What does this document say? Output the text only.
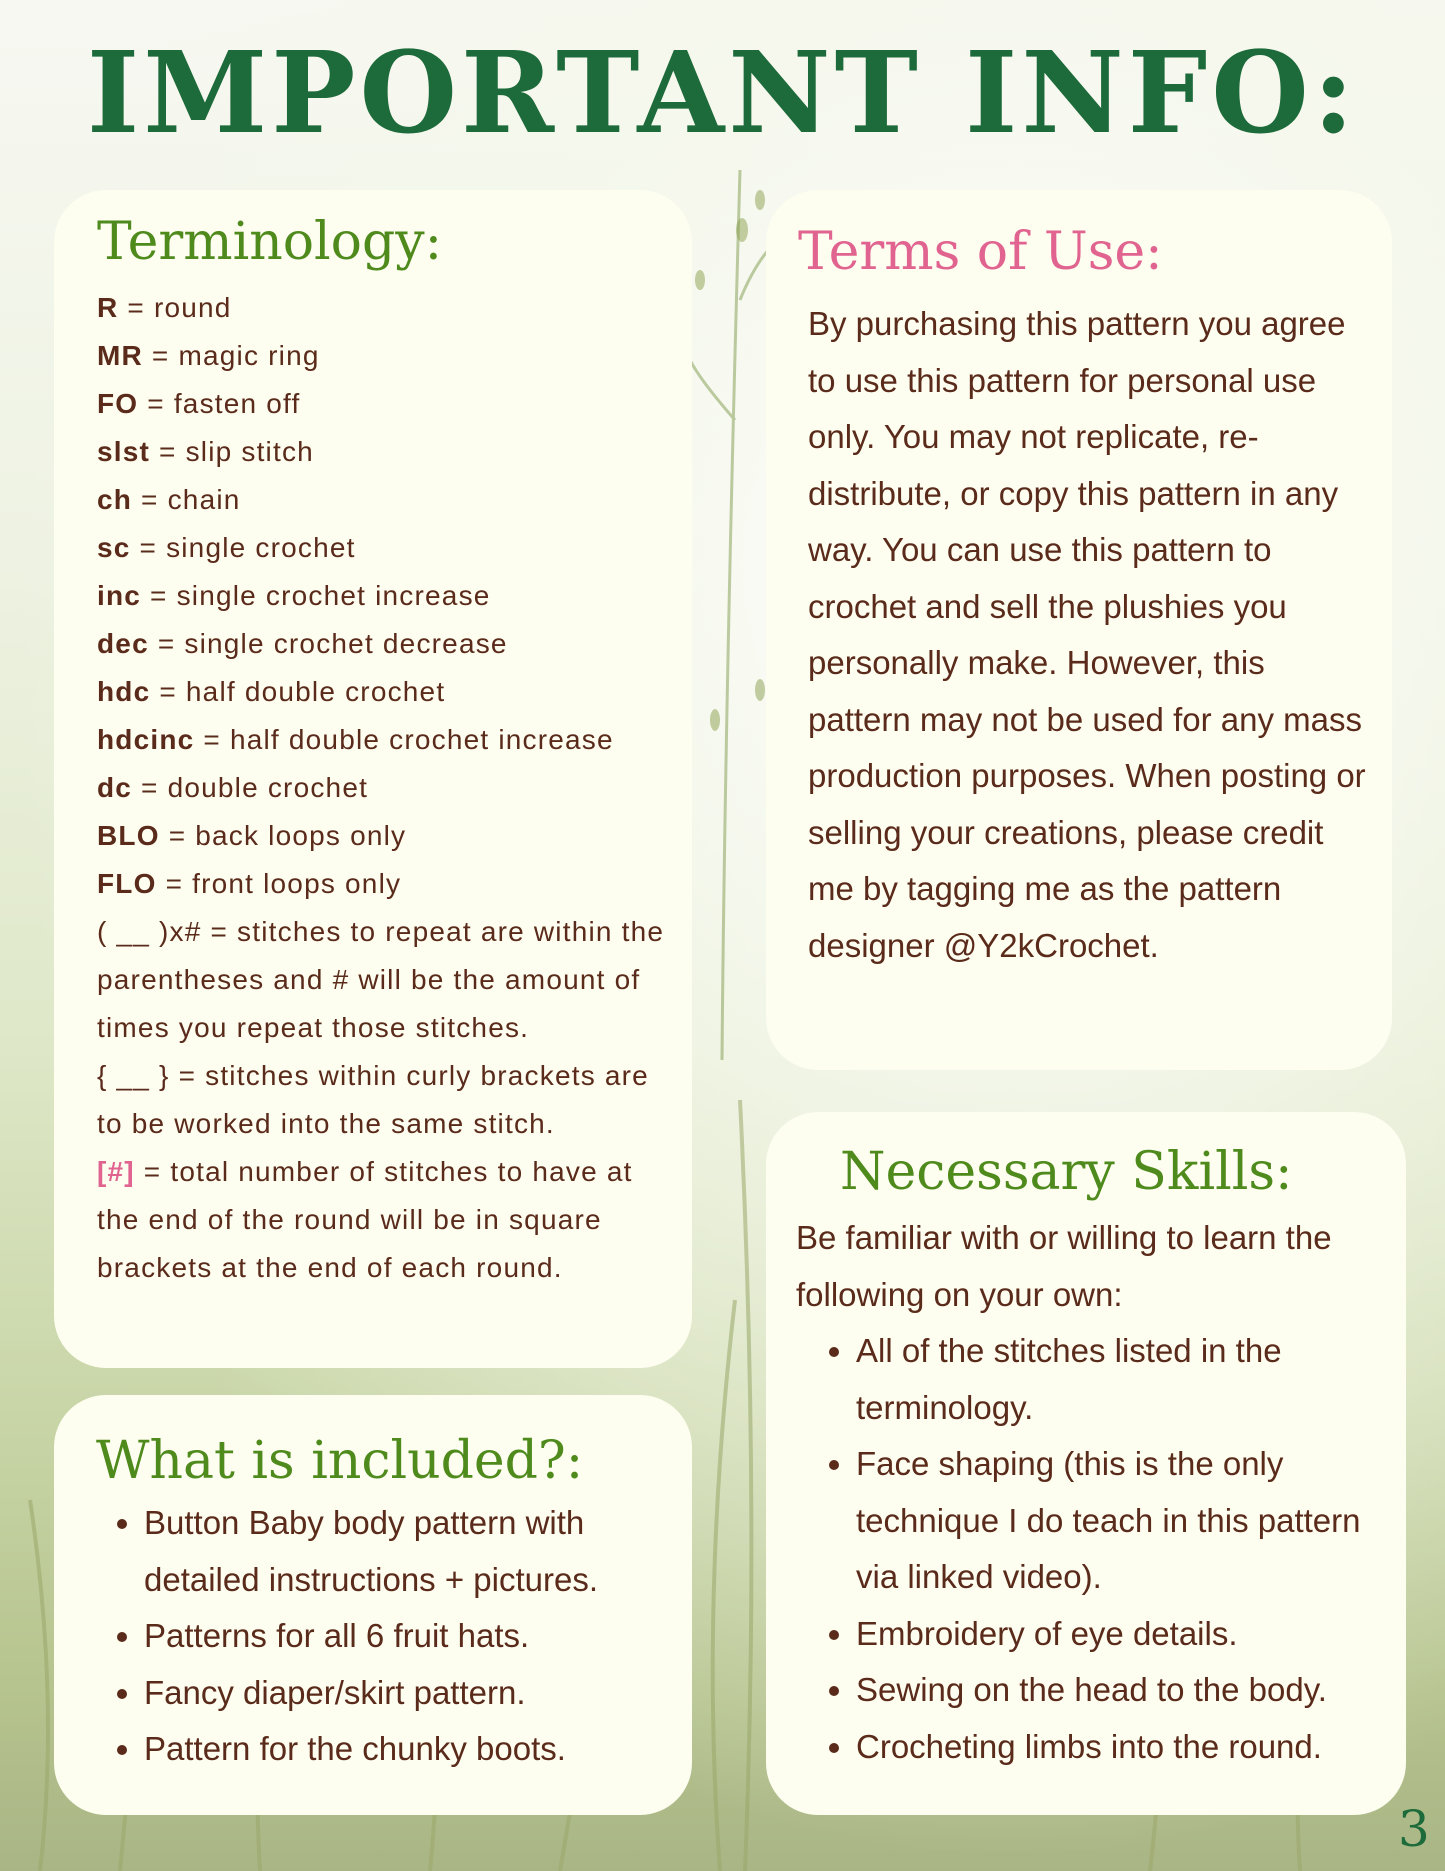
IMPORTANT INFO:
Terminology:
R = round
MR = magic ring
FO = fasten off
slst = slip stitch
ch = chain
sc = single crochet
inc = single crochet increase
dec = single crochet decrease
hdc = half double crochet
hdcinc = half double crochet increase
dc = double crochet
BLO = back loops only
FLO = front loops only

( __ )x# = stitches to repeat are within the parentheses and # will be the amount of times you repeat those stitches.

{ __ } = stitches within curly brackets are to be worked into the same stitch.

[#] = total number of stitches to have at the end of the round will be in square brackets at the end of each round.

Terms of Use:

By purchasing this pattern you agree to use this pattern for personal use only. You may not replicate, re-distribute, or copy this pattern in any way. You can use this pattern to crochet and sell the plushies you personally make. However, this pattern may not be used for any mass production purposes. When posting or selling your creations, please credit me by tagging me as the pattern designer @Y2kCrochet.

What is included?:
• Button Baby body pattern with detailed instructions + pictures.
• Patterns for all 6 fruit hats.
• Fancy diaper/skirt pattern.
• Pattern for the chunky boots.
Necessary Skills:

Be familiar with or willing to learn the following on your own:

• All of the stitches listed in the terminology.
• Face shaping (this is the only technique I do teach in this pattern via linked video).
• Embroidery of eye details.
• Sewing on the head to the body.
• Crocheting limbs into the round.
3
